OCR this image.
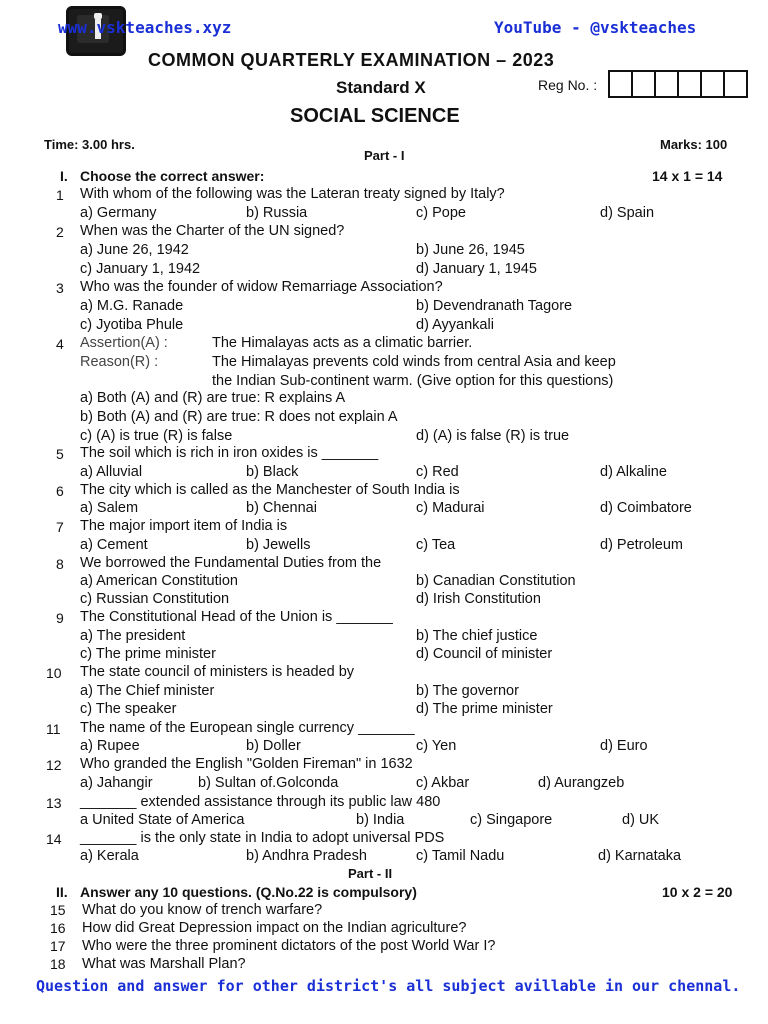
www.vskteaches.xyz	YouTube - @vskteaches
COMMON QUARTERLY EXAMINATION – 2023
Standard X	Reg No. :
SOCIAL SCIENCE
Time: 3.00 hrs.	Marks: 100
Part - I
I. Choose the correct answer:	14 x 1 = 14
1 With whom of the following was the Lateran treaty signed by Italy?
a) Germany	b) Russia	c) Pope	d) Spain
2 When was the Charter of the UN signed?
a) June 26, 1942	b) June 26, 1945
c) January 1, 1942	d) January 1, 1945
3 Who was the founder of widow Remarriage Association?
a) M.G. Ranade	b) Devendranath Tagore
c) Jyotiba Phule	d) Ayyankali
4 Assertion(A) :	The Himalayas acts as a climatic barrier.
Reason(R) :	The Himalayas prevents cold winds from central Asia and keep
the Indian Sub-continent warm. (Give option for this questions)
a) Both (A) and (R) are true: R explains A
b) Both (A) and (R) are true: R does not explain A
c) (A) is true (R) is false	d) (A) is false (R) is true
5 The soil which is rich in iron oxides is _______
a) Alluvial	b) Black	c) Red	d) Alkaline
6 The city which is called as the Manchester of South India is
a) Salem	b) Chennai	c) Madurai	d) Coimbatore
7 The major import item of India is
a) Cement	b) Jewells	c) Tea	d) Petroleum
8 We borrowed the Fundamental Duties from the
a) American Constitution	b) Canadian Constitution
c) Russian Constitution	d) Irish Constitution
9 The Constitutional Head of the Union is _______
a) The president	b) The chief justice
c) The prime minister	d) Council of minister
10 The state council of ministers is headed by
a) The Chief minister	b) The governor
c) The speaker	d) The prime minister
11 The name of the European single currency _______
a) Rupee	b) Doller	c) Yen	d) Euro
12 Who granded the English "Golden Fireman" in 1632
a) Jahangir	b) Sultan of.Golconda	c) Akbar	d) Aurangzeb
13 _______ extended assistance through its public law 480
a United State of America	b) India	c) Singapore	d) UK
14 _______ is the only state in India to adopt universal PDS
a) Kerala	b) Andhra Pradesh	c) Tamil Nadu	d) Karnataka
Part - II
II. Answer any 10 questions. (Q.No.22 is compulsory)	10 x 2 = 20
15 What do you know of trench warfare?
16 How did Great Depression impact on the Indian agriculture?
17 Who were the three prominent dictators of the post World War I?
18 What was Marshall Plan?
Question and answer for other district's all subject avillable in our chennal.
